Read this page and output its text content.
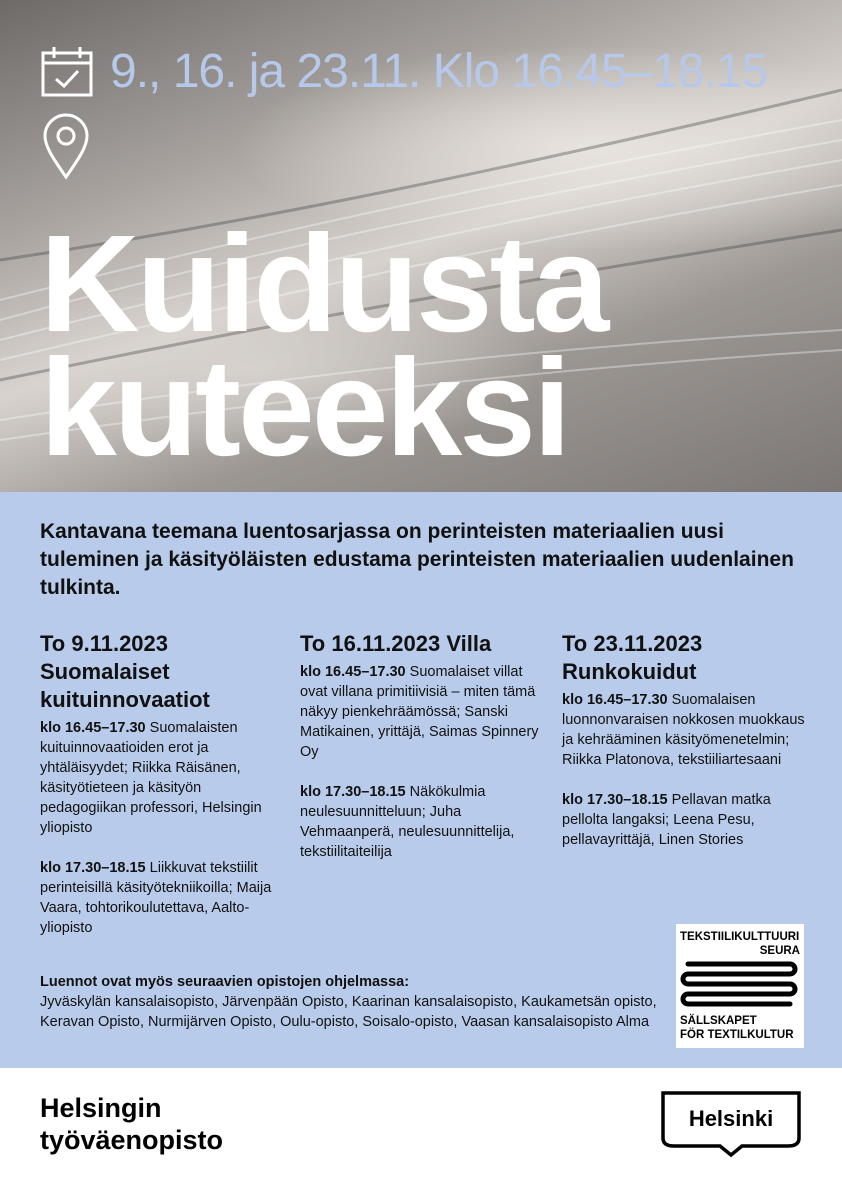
9., 16. ja 23.11. Klo 16.45–18.15
Kuidusta
kuteeksi

Kantavana teemana luentosarjassa on perinteisten materiaalien uusi tuleminen ja käsityöläisten edustama perinteisten materiaalien uudenlainen tulkinta.

To 9.11.2023 Suomalaiset kuituinnovaatiot

klo 16.45–17.30 Suomalaisten kuituinnovaatioiden erot ja yhtäläisyydet; Riikka Räisänen, käsityötieteen ja käsityön pedagogiikan professori, Helsingin yliopisto

klo 17.30–18.15 Liikkuvat tekstiilit perinteisillä käsityötekniikoilla; Maija Vaara, tohtorikoulutettava, Aalto-yliopisto

To 16.11.2023 Villa

klo 16.45–17.30 Suomalaiset villat ovat villana primitiivisiä – miten tämä näkyy pienkehräämössä; Sanski Matikainen, yrittäjä, Saimas Spinnery Oy

klo 17.30–18.15 Näkökulmia neulesuunnitteluun; Juha Vehmaanperä, neulesuunnittelija, tekstiilitaiteilija

To 23.11.2023 Runkokuidut

klo 16.45–17.30 Suomalaisen luonnonvaraisen nokkosen muokkaus ja kehrääminen käsityömenetelmin; Riikka Platonova, tekstiiliartesaani

klo 17.30–18.15 Pellavan matka pellolta langaksi; Leena Pesu, pellavayrittäjä, Linen Stories

Luennot ovat myös seuraavien opistojen ohjelmassa:
Jyväskylän kansalaisopisto, Järvenpään Opisto, Kaarinan kansalaisopisto, Kaukametsän opisto, Keravan Opisto, Nurmijärven Opisto, Oulu-opisto, Soisalo-opisto, Vaasan kansalaisopisto Alma
TEKSTIILIKULTTUURI
SEURA
SÄLLSKAPET
FÖR TEXTILKULTUR
Helsingin
työväenopisto
Helsinki
